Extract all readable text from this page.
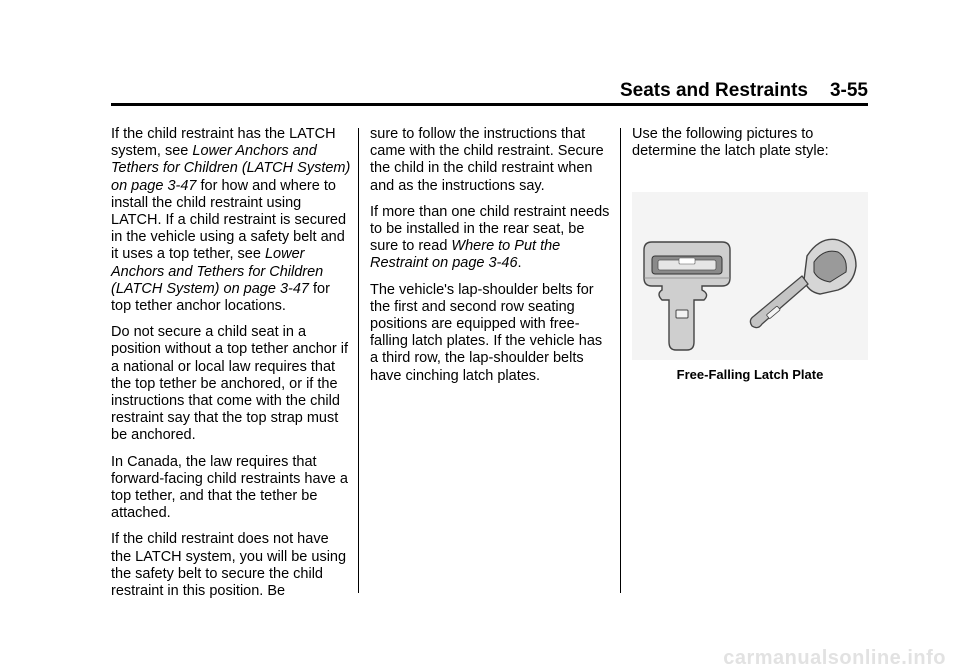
Seats and Restraints 3-55

If the child restraint has the LATCH system, see Lower Anchors and Tethers for Children (LATCH System) on page 3-47 for how and where to install the child restraint using LATCH. If a child restraint is secured in the vehicle using a safety belt and it uses a top tether, see Lower Anchors and Tethers for Children (LATCH System) on page 3-47 for top tether anchor locations.

Do not secure a child seat in a position without a top tether anchor if a national or local law requires that the top tether be anchored, or if the instructions that come with the child restraint say that the top strap must be anchored.

In Canada, the law requires that forward-facing child restraints have a top tether, and that the tether be attached.

If the child restraint does not have the LATCH system, you will be using the safety belt to secure the child restraint in this position. Be

sure to follow the instructions that came with the child restraint. Secure the child in the child restraint when and as the instructions say.

If more than one child restraint needs to be installed in the rear seat, be sure to read Where to Put the Restraint on page 3-46.

The vehicle's lap-shoulder belts for the first and second row seating positions are equipped with free-falling latch plates. If the vehicle has a third row, the lap-shoulder belts have cinching latch plates.

Use the following pictures to determine the latch plate style:

Free-Falling Latch Plate
carmanualsonline.info
